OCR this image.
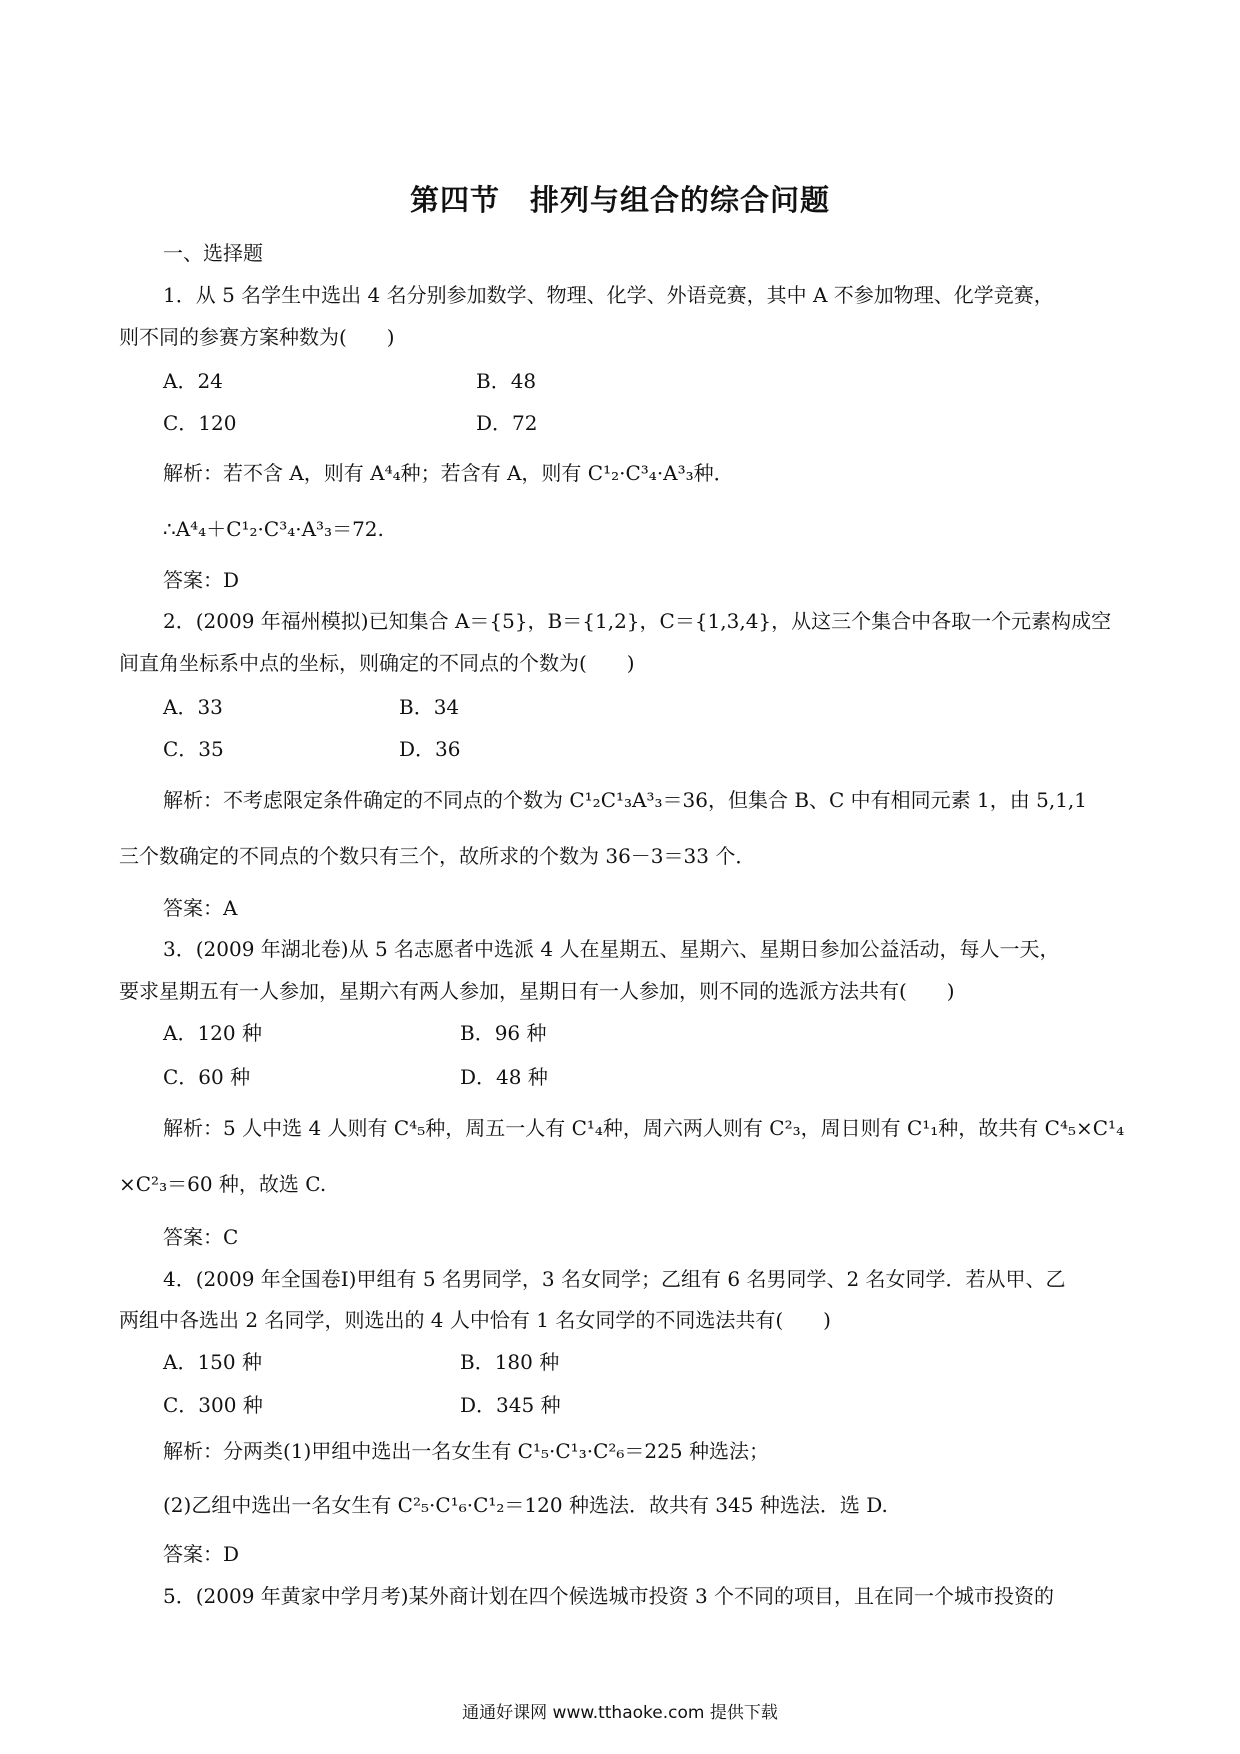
第四节　排列与组合的综合问题
一、选择题
1．从 5 名学生中选出 4 名分别参加数学、物理、化学、外语竞赛，其中 A 不参加物理、化学竞赛，
则不同的参赛方案种数为(　　)
A．24	B．48
C．120	D．72
解析：若不含 A，则有 A⁴₄种；若含有 A，则有 C¹₂·C³₄·A³₃种．
∴A⁴₄＋C¹₂·C³₄·A³₃＝72.
答案：D
2．(2009 年福州模拟)已知集合 A＝{5}，B＝{1,2}，C＝{1,3,4}，从这三个集合中各取一个元素构成空
间直角坐标系中点的坐标，则确定的不同点的个数为(　　)
A．33	B．34
C．35	D．36
解析：不考虑限定条件确定的不同点的个数为 C¹₂C¹₃A³₃＝36，但集合 B、C 中有相同元素 1，由 5,1,1
三个数确定的不同点的个数只有三个，故所求的个数为 36－3＝33 个．
答案：A
3．(2009 年湖北卷)从 5 名志愿者中选派 4 人在星期五、星期六、星期日参加公益活动，每人一天，
要求星期五有一人参加，星期六有两人参加，星期日有一人参加，则不同的选派方法共有(　　)
A．120 种	B．96 种
C．60 种	D．48 种
解析：5 人中选 4 人则有 C⁴₅种，周五一人有 C¹₄种，周六两人则有 C²₃，周日则有 C¹₁种，故共有 C⁴₅×C¹₄
×C²₃＝60 种，故选 C.
答案：C
4．(2009 年全国卷Ⅰ)甲组有 5 名男同学，3 名女同学；乙组有 6 名男同学、2 名女同学．若从甲、乙
两组中各选出 2 名同学，则选出的 4 人中恰有 1 名女同学的不同选法共有(　　)
A．150 种	B．180 种
C．300 种	D．345 种
解析：分两类(1)甲组中选出一名女生有 C¹₅·C¹₃·C²₆＝225 种选法；
(2)乙组中选出一名女生有 C²₅·C¹₆·C¹₂＝120 种选法．故共有 345 种选法．选 D.
答案：D
5．(2009 年黄家中学月考)某外商计划在四个候选城市投资 3 个不同的项目，且在同一个城市投资的
通通好课网 www.tthaoke.com 提供下载
